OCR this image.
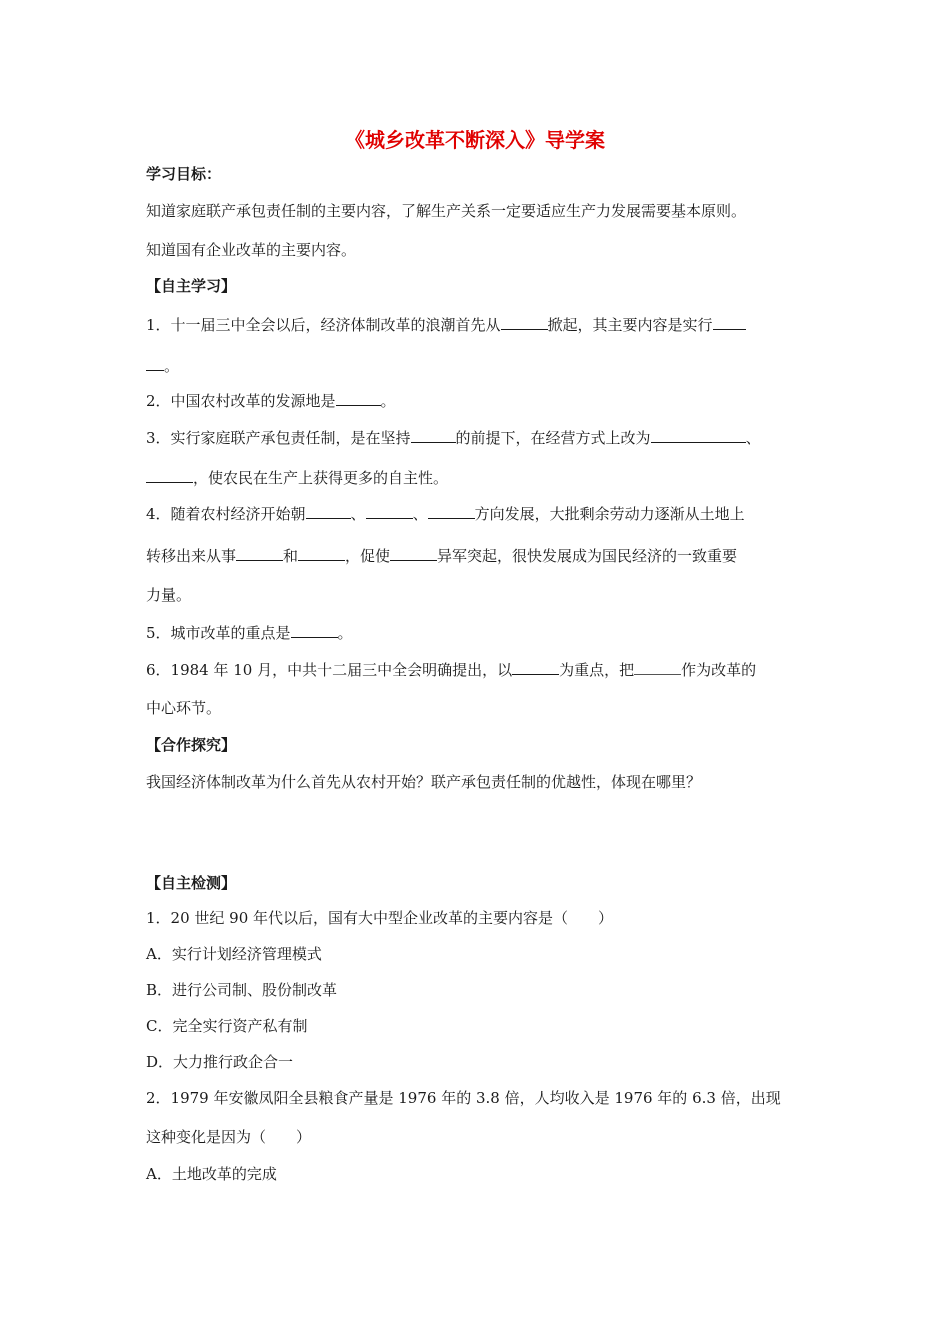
《城乡改革不断深入》导学案
学习目标：
知道家庭联产承包责任制的主要内容，了解生产关系一定要适应生产力发展需要基本原则。
知道国有企业改革的主要内容。
【自主学习】
1．十一届三中全会以后，经济体制改革的浪潮首先从	掀起，其主要内容是实行
。
2．中国农村改革的发源地是	。
3．实行家庭联产承包责任制，是在坚持	的前提下，在经营方式上改为	、
，使农民在生产上获得更多的自主性。
4．随着农村经济开始朝	、	、	方向发展，大批剩余劳动力逐渐从土地上
转移出来从事	和	，促使	异军突起，很快发展成为国民经济的一致重要
力量。
5．城市改革的重点是	。
6．1984 年 10 月，中共十二届三中全会明确提出，以	为重点，把	作为改革的
中心环节。
【合作探究】
我国经济体制改革为什么首先从农村开始？联产承包责任制的优越性，体现在哪里？
【自主检测】
1．20 世纪 90 年代以后，国有大中型企业改革的主要内容是（　　）
A．实行计划经济管理模式
B．进行公司制、股份制改革
C．完全实行资产私有制
D．大力推行政企合一
2．1979 年安徽凤阳全县粮食产量是 1976 年的 3.8 倍，人均收入是 1976 年的 6.3 倍，出现
这种变化是因为（　　）
A．土地改革的完成
